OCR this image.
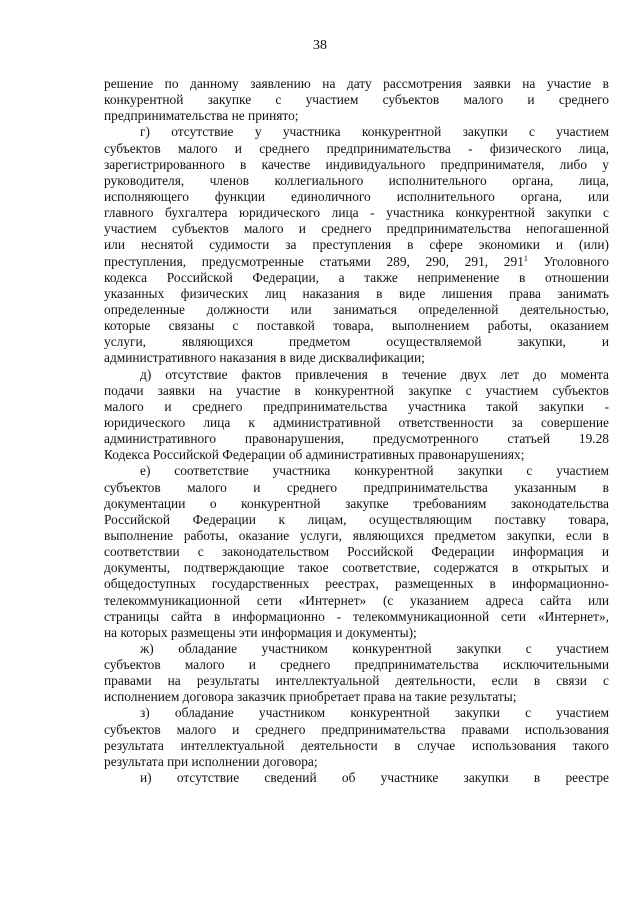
38
решение по данному заявлению на дату рассмотрения заявки на участие в
конкурентной закупке с участием субъектов малого и среднего
предпринимательства не принято;
г) отсутствие у участника конкурентной закупки с участием
субъектов малого и среднего предпринимательства - физического лица,
зарегистрированного в качестве индивидуального предпринимателя, либо у
руководителя, членов коллегиального исполнительного органа, лица,
исполняющего функции единоличного исполнительного органа, или
главного бухгалтера юридического лица - участника конкурентной закупки с
участием субъектов малого и среднего предпринимательства непогашенной
или неснятой судимости за преступления в сфере экономики и (или)
преступления, предусмотренные статьями 289, 290, 291, $291^1$ Уголовного
кодекса Российской Федерации, а также неприменение в отношении
указанных физических лиц наказания в виде лишения права занимать
определенные должности или заниматься определенной деятельностью,
которые связаны с поставкой товара, выполнением работы, оказанием
услуги, являющихся предметом осуществляемой закупки, и
административного наказания в виде дисквалификации;
д) отсутствие фактов привлечения в течение двух лет до момента
подачи заявки на участие в конкурентной закупке с участием субъектов
малого и среднего предпринимательства участника такой закупки -
юридического лица к административной ответственности за совершение
административного правонарушения, предусмотренного статьей 19.28
Кодекса Российской Федерации об административных правонарушениях;
е) соответствие участника конкурентной закупки с участием
субъектов малого и среднего предпринимательства указанным в
документации о конкурентной закупке требованиям законодательства
Российской Федерации к лицам, осуществляющим поставку товара,
выполнение работы, оказание услуги, являющихся предметом закупки, если в
соответствии с законодательством Российской Федерации информация и
документы, подтверждающие такое соответствие, содержатся в открытых и
общедоступных государственных реестрах, размещенных в информационно-
телекоммуникационной сети «Интернет» (с указанием адреса сайта или
страницы сайта в информационно - телекоммуникационной сети «Интернет»,
на которых размещены эти информация и документы);
ж) обладание участником конкурентной закупки с участием
субъектов малого и среднего предпринимательства исключительными
правами на результаты интеллектуальной деятельности, если в связи с
исполнением договора заказчик приобретает права на такие результаты;
з) обладание участником конкурентной закупки с участием
субъектов малого и среднего предпринимательства правами использования
результата интеллектуальной деятельности в случае использования такого
результата при исполнении договора;
и) отсутствие сведений об участнике закупки в реестре
